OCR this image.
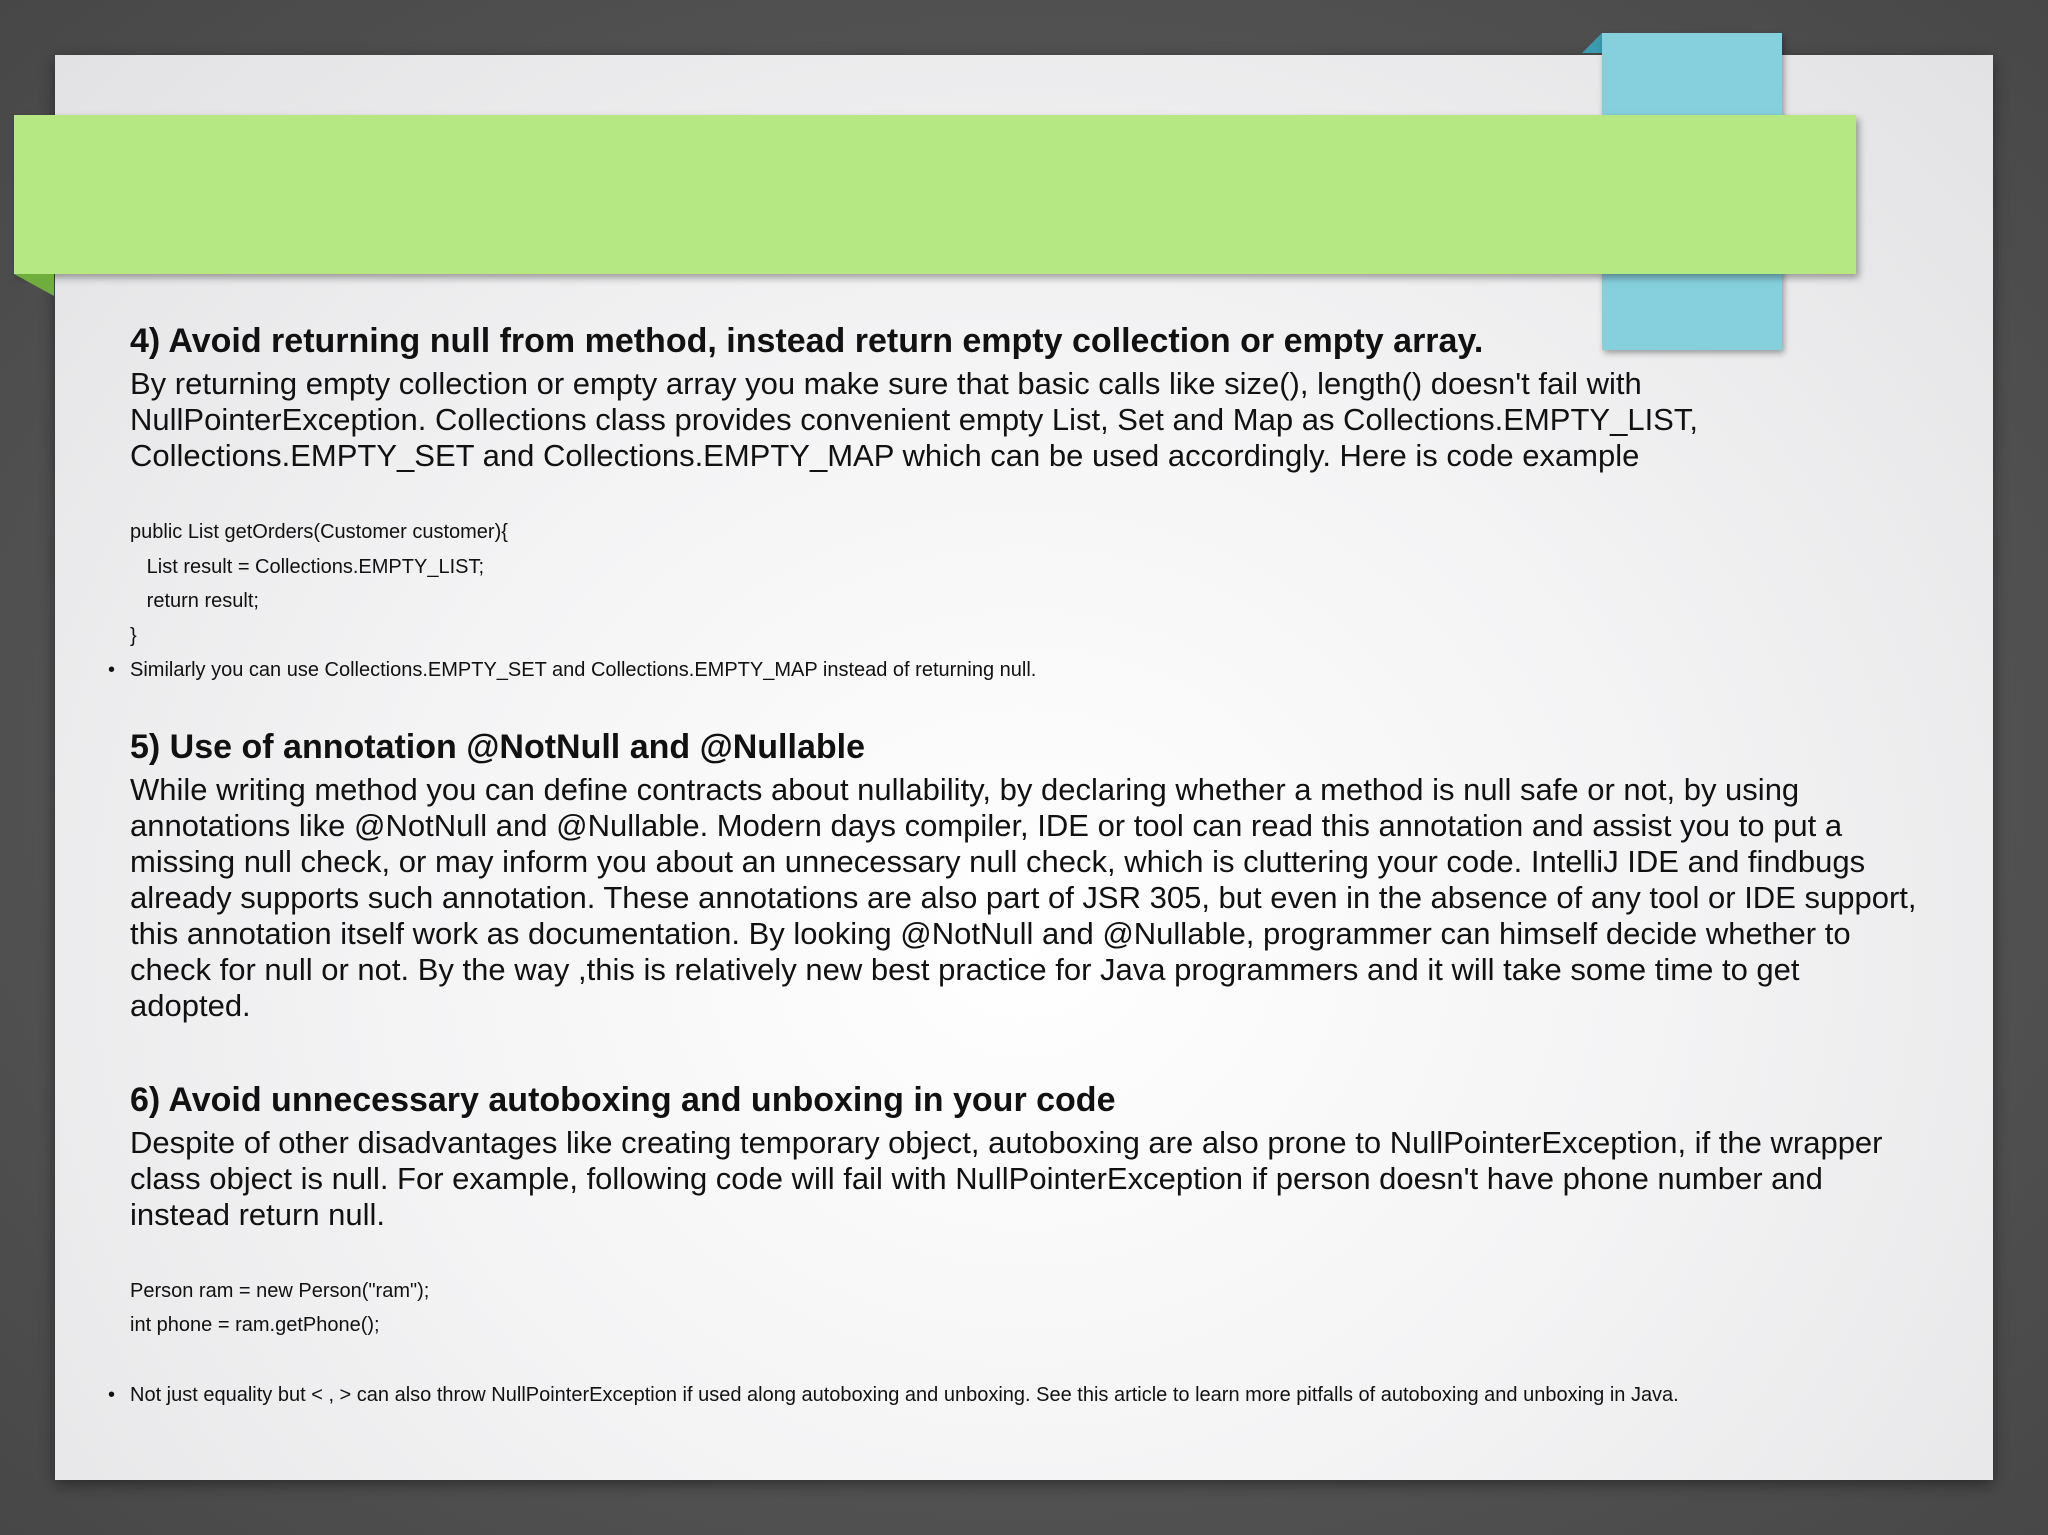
4) Avoid returning null from method, instead return empty collection or empty array.

By returning empty collection or empty array you make sure that basic calls like size(), length() doesn't fail with NullPointerException. Collections class provides convenient empty List, Set and Map as Collections.EMPTY_LIST, Collections.EMPTY_SET and Collections.EMPTY_MAP which can be used accordingly. Here is code example

public List getOrders(Customer customer){

List result = Collections.EMPTY_LIST;

return result;

}

• Similarly you can use Collections.EMPTY_SET and Collections.EMPTY_MAP instead of returning null.

5) Use of annotation @NotNull and @Nullable

While writing method you can define contracts about nullability, by declaring whether a method is null safe or not, by using annotations like @NotNull and @Nullable. Modern days compiler, IDE or tool can read this annotation and assist you to put a missing null check, or may inform you about an unnecessary null check, which is cluttering your code. IntelliJ IDE and findbugs already supports such annotation. These annotations are also part of JSR 305, but even in the absence of any tool or IDE support, this annotation itself work as documentation. By looking @NotNull and @Nullable, programmer can himself decide whether to check for null or not. By the way ,this is relatively new best practice for Java programmers and it will take some time to get adopted.

6) Avoid unnecessary autoboxing and unboxing in your code

Despite of other disadvantages like creating temporary object, autoboxing are also prone to NullPointerException, if the wrapper class object is null. For example, following code will fail with NullPointerException if person doesn't have phone number and instead return null.

Person ram = new Person("ram");

int phone = ram.getPhone();

• Not just equality but < , > can also throw NullPointerException if used along autoboxing and unboxing. See this article to learn more pitfalls of autoboxing and unboxing in Java.
